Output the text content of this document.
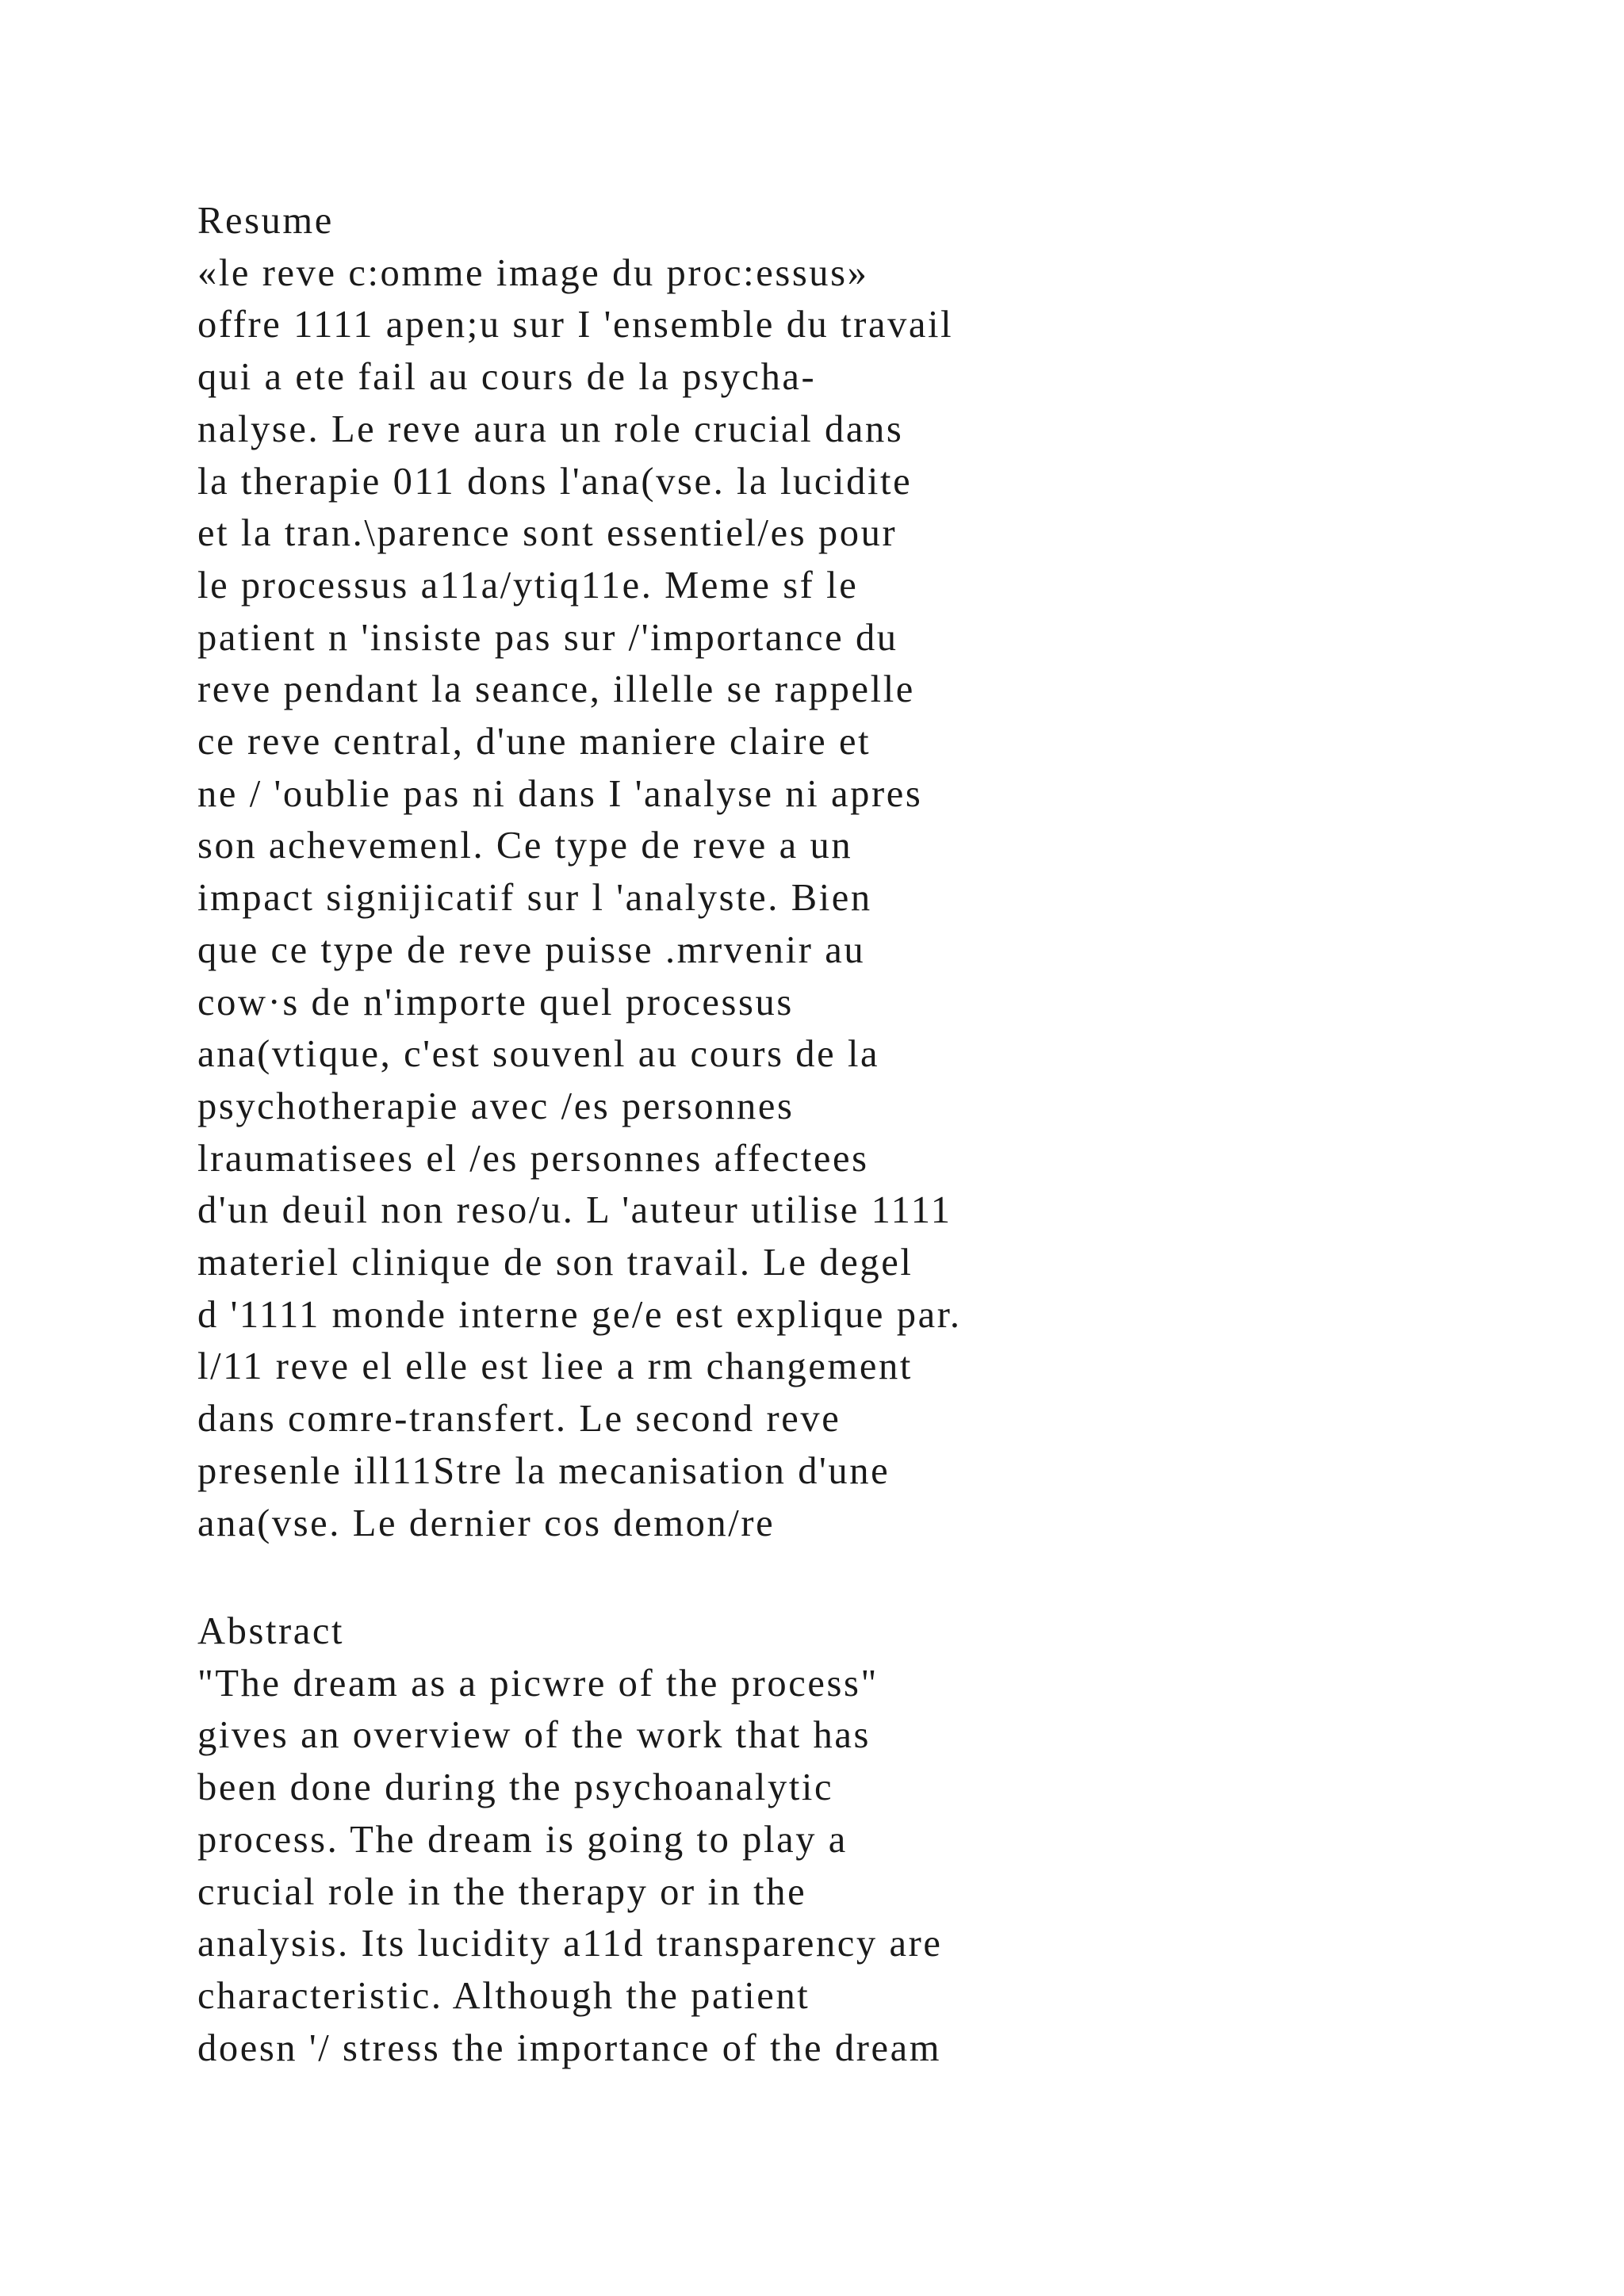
Resume
«le reve c:omme image du proc:essus»
offre 1111 apen;u sur I 'ensemble du travail
qui a ete fail au cours de la psycha-
nalyse. Le reve aura un role crucial dans
la therapie 011 dons l'ana(vse. la lucidite
et la tran.\parence sont essentiel/es pour
le processus a11a/ytiq11e. Meme sf le
patient n 'insiste pas sur /'importance du
reve pendant la seance, illelle se rappelle
ce reve central, d'une maniere claire et
ne / 'oublie pas ni dans I 'analyse ni apres
son achevemenl. Ce type de reve a un
impact signijicatif sur l 'analyste. Bien
que ce type de reve puisse .mrvenir au
cow·s de n'importe quel processus
ana(vtique, c'est souvenl au cours de la
psychotherapie avec /es personnes
lraumatisees el /es personnes affectees
d'un deuil non reso/u. L 'auteur utilise 1111
materiel clinique de son travail. Le degel
d '1111 monde interne ge/e est explique par.
l/11 reve el elle est liee a rm changement
dans comre-transfert. Le second reve
presenle ill11Stre la mecanisation d'une
ana(vse. Le dernier cos demon/re
Abstract
"The dream as a picwre of the process"
gives an overview of the work that has
been done during the psychoanalytic
process. The dream is going to play a
crucial role in the therapy or in the
analysis. Its lucidity a11d transparency are
characteristic. Although the patient
doesn '/ stress the importance of the dream
